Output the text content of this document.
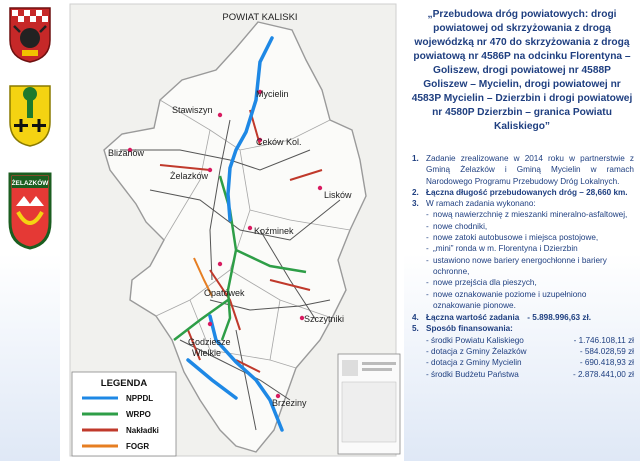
ŻELAZKÓW
POWIAT KALISKI
Mycielin
Stawiszyn
Ceków Kol.
Blizanów
Żelazków
Lisków
Koźminek
Opatówek
Szczytniki
Godziesze
Wielkie
Brzeziny
LEGENDA
NPPDL
WRPO
Nakładki
FOGR
„Przebudowa dróg powiatowych: drogi powiatowej od skrzyżowania z drogą wojewódzką nr 470 do skrzyżowania z drogą powiatową nr 4586P na odcinku Florentyna – Goliszew, drogi powiatowej nr 4588P Goliszew – Mycielin, drogi powiatowej nr 4583P Mycielin – Dzierzbin i drogi powiatowej nr 4580P Dzierzbin – granica Powiatu Kaliskiego”
1. Zadanie zrealizowane w 2014 roku w partnerstwie z Gminą Żelazków i Gminą Mycielin w ramach Narodowego Programu Przebudowy Dróg Lokalnych.
2. Łączna długość przebudowanych dróg – 28,660 km.
3. W ramach zadania wykonano:
- nową nawierzchnię z mieszanki mineralno-asfaltowej,
- nowe chodniki,
- nowe zatoki autobusowe i miejsca postojowe,
- „mini” ronda w m. Florentyna i Dzierzbin
- ustawiono nowe bariery energochłonne i bariery ochronne,
- nowe przejścia dla pieszych,
- nowe oznakowanie poziome i uzupełniono oznakowanie pionowe.
4. Łączna wartość zadania - 5.898.996,63 zł.
5. Sposób finansowania:
- środki Powiatu Kaliskiego	- 1.746.108,11 zł
- dotacja z Gminy Żelazków	- 584.028,59 zł
- dotacja z Gminy Mycielin	- 690.418,93 zł
- środki Budżetu Państwa	- 2.878.441,00 zł
